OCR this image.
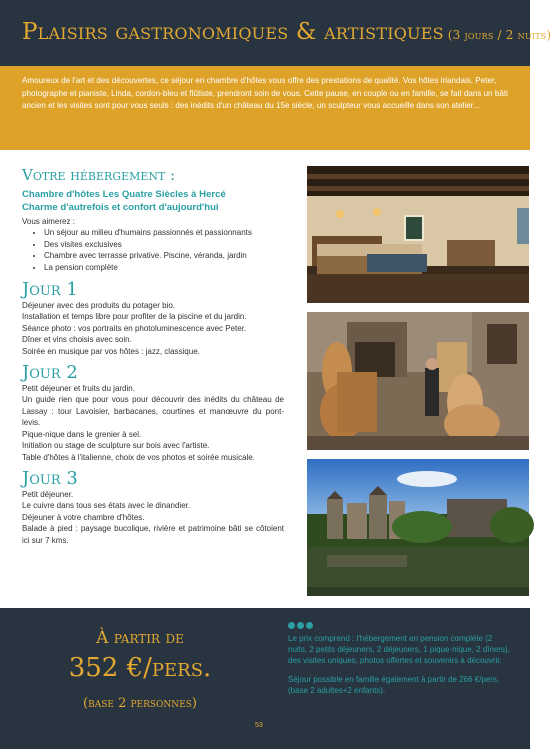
Plaisirs gastronomiques & artistiques (3 jours / 2 nuits)
Amoureux de l'art et des découvertes, ce séjour en chambre d'hôtes vous offre des prestations de qualité. Vos hôtes irlandais, Peter, photographe et pianiste, Linda, cordon-bleu et flûtiste, prendront soin de vous. Cette pause, en couple ou en famille, se fait dans un bâti ancien et les visites sont pour vous seuls : des inédits d'un château du 15e siècle, un sculpteur vous accueille dans son atelier...
Votre hébergement :
Chambre d'hôtes Les Quatre Siècles à Hercé
Charme d'autrefois et confort d'aujourd'hui
Vous aimerez :
• Un séjour au milieu d'humains passionnés et passionnants
• Des visites exclusives
• Chambre avec terrasse privative. Piscine, véranda, jardin
• La pension complète
Jour 1
Déjeuner avec des produits du potager bio.
Installation et temps libre pour profiter de la piscine et du jardin.
Séance photo : vos portraits en photoluminescence avec Peter.
Dîner et vins choisis avec soin.
Soirée en musique par vos hôtes : jazz, classique.
Jour 2
Petit déjeuner et fruits du jardin.
Un guide rien que pour vous pour découvrir des inédits du château de Lassay : tour Lavoisier, barbacanes, courtines et manœuvre du pont-levis.
Pique-nique dans le grenier à sel.
Initiation ou stage de sculpture sur bois avec l'artiste.
Table d'hôtes à l'italienne, choix de vos photos et soirée musicale.
Jour 3
Petit déjeuner.
Le cuivre dans tous ses états avec le dinandier.
Déjeuner à votre chambre d'hôtes.
Balade à pied : paysage bucolique, rivière et patrimoine bâti se côtoient ici sur 7 kms.
À partir de
352 €/pers.
(base 2 personnes)

Le prix comprend : l'hébergement en pension complète (2 nuits, 2 petits déjeuners, 2 déjeuners, 1 pique-nique, 2 dîners), des visites uniques, photos offertes et souvenirs à découvrir.

Séjour possible en famille également à partir de 266 €/pers. (base 2 adultes+2 enfants).

53
